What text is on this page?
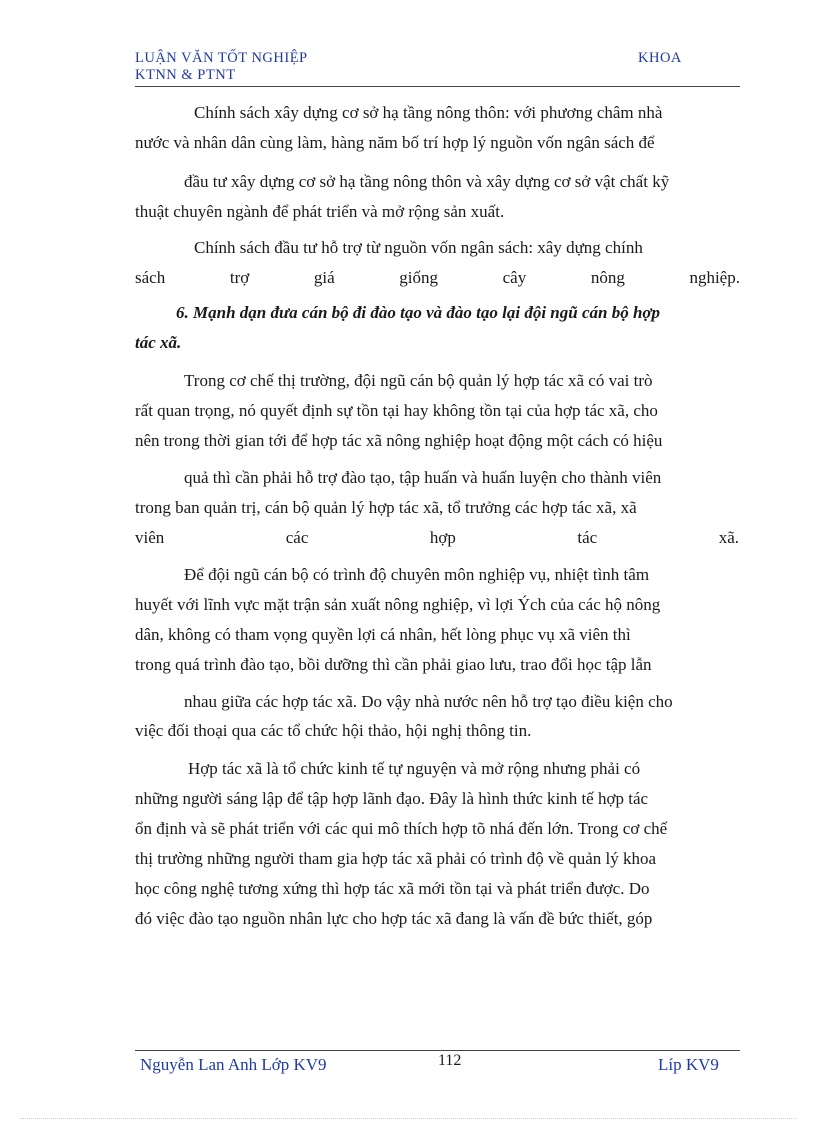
LUẬN VĂN TỐT NGHIỆP
KTNN & PTNT
KHOA
Chính sách xây dựng cơ sở hạ tầng nông thôn: với phương châm nhà
nước và nhân dân cùng làm, hàng năm bố trí hợp lý nguồn vốn ngân sách để
đầu tư xây dựng cơ sở hạ tầng nông thôn và xây dựng cơ sở vật chất kỹ
thuật chuyên ngành để phát triển và mở rộng sản xuất.
Chính sách đầu tư hỗ trợ từ nguồn vốn ngân sách: xây dựng chính
sách	trợ	giá	giống	cây	nông	nghiệp.
6. Mạnh dạn đưa cán bộ đi đào tạo và đào tạo lại đội ngũ cán bộ hợp
tác xã.
Trong cơ chế thị trường, đội ngũ cán bộ quản lý hợp tác xã có vai trò
rất quan trọng, nó quyết định sự tồn tại hay không tồn tại của hợp tác xã, cho
nên trong thời gian tới để hợp tác xã nông nghiệp hoạt động một cách có hiệu
quả thì cần phải hỗ trợ đào tạo, tập huấn và huấn luyện cho thành viên
trong ban quản trị, cán bộ quản lý hợp tác xã, tổ trưởng các hợp tác xã, xã
viên	các	hợp	tác	xã.
Để đội ngũ cán bộ có trình độ chuyên môn nghiệp vụ, nhiệt tình tâm
huyết với lĩnh vực mặt trận sản xuất nông nghiệp, vì lợi Ých của các hộ nông
dân, không có tham vọng quyền lợi cá nhân, hết lòng phục vụ xã viên thì
trong quá trình đào tạo, bồi dưỡng thì cần phải giao lưu, trao đổi học tập lẫn
nhau giữa các hợp tác xã. Do vậy nhà nước nên hỗ trợ tạo điều kiện cho
việc đối thoại qua các tổ chức hội thảo, hội nghị thông tin.
Hợp tác xã là tổ chức kinh tế tự nguyện và mở rộng nhưng phải có
những người sáng lập để tập hợp lãnh đạo. Đây là hình thức kinh tế hợp tác
ổn định và sẽ phát triển với các qui mô thích hợp tõ nhá đến lớn. Trong cơ chế
thị trường những người tham gia hợp tác xã phải có trình độ về quản lý khoa
học công nghệ tương xứng thì hợp tác xã mới tồn tại và phát triển được. Do
đó việc đào tạo nguồn nhân lực cho hợp tác xã đang là vấn đề bức thiết, góp
Nguyễn Lan Anh Lớp KV9	112	Líp KV9
